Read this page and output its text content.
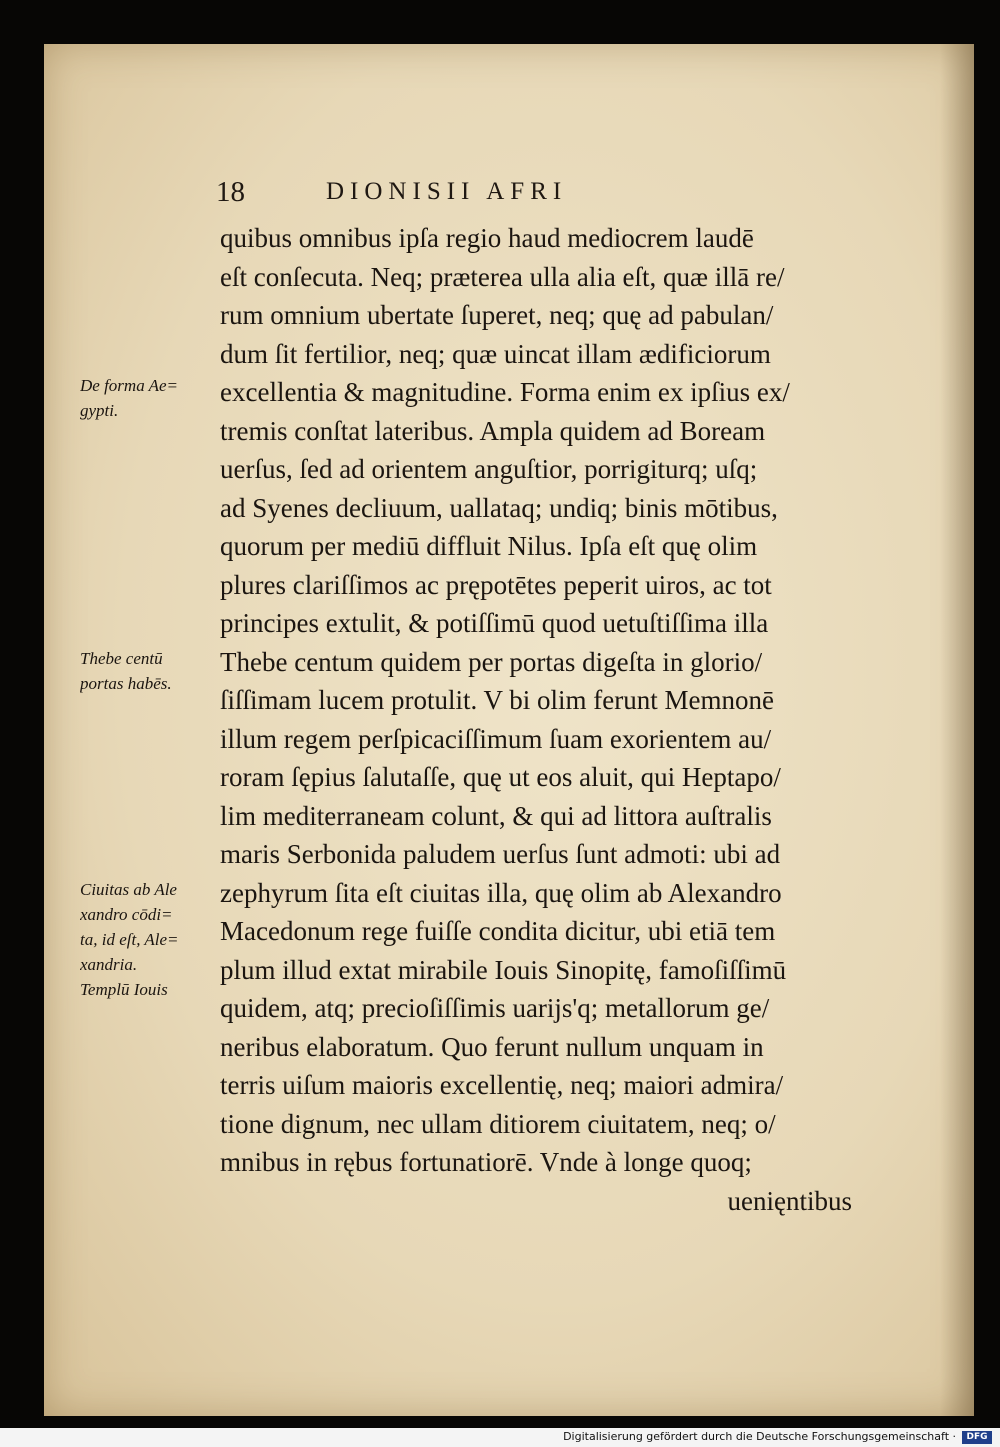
18	DIONISII AFRI
De forma Ae=
gypti.
Thebe centū
portas habēs.
Ciuitas ab Ale
xandro cōdi=
ta, id eſt, Ale=
xandria.
Templū Iouis
quibus omnibus ipſa regio haud mediocrem laudē
eſt conſecuta. Neq; præterea ulla alia eſt, quæ illā re/
rum omnium ubertate ſuperet, neq; quę ad pabulan/
dum ſit fertilior, neq; quæ uincat illam ædificiorum
excellentia & magnitudine. Forma enim ex ipſius ex/
tremis conſtat lateribus. Ampla quidem ad Boream
uerſus, ſed ad orientem anguſtior, porrigiturq; uſq;
ad Syenes decliuum, uallataq; undiq; binis mōtibus,
quorum per mediū diffluit Nilus. Ipſa eſt quę olim
plures clariſſimos ac prępotētes peperit uiros, ac tot
principes extulit, & potiſſimū quod uetuſtiſſima illa
Thebe centum quidem per portas digeſta in glorio/
ſiſſimam lucem protulit. V bi olim ferunt Memnonē
illum regem perſpicaciſſimum ſuam exorientem au/
roram ſępius ſalutaſſe, quę ut eos aluit, qui Heptapo/
lim mediterraneam colunt, & qui ad littora auſtralis
maris Serbonida paludem uerſus ſunt admoti: ubi ad
zephyrum ſita eſt ciuitas illa, quę olim ab Alexandro
Macedonum rege fuiſſe condita dicitur, ubi etiā tem
plum illud extat mirabile Iouis Sinopitę, famoſiſſimū
quidem, atq; precioſiſſimis uarijs'q; metallorum ge/
neribus elaboratum. Quo ferunt nullum unquam in
terris uiſum maioris excellentię, neq; maiori admira/
tione dignum, nec ullam ditiorem ciuitatem, neq; o/
mnibus in rębus fortunatiorē. Vnde à longe quoq;
uenięntibus
Digitalisierung gefördert durch die Deutsche Forschungsgemeinschaft ·	DFG
